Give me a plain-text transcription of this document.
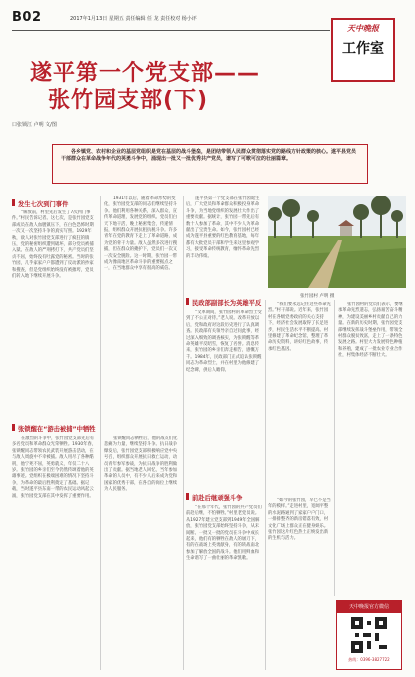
B02	2017年1月13日 星期五 责任编辑 任 龙 责任校对 杨小评
天中晚报
工作室
遂平第一个党支部——
张竹园支部(下)
口张锁江 卢明 文/图

各乡镇党、农村和企业的基层党组织是党在基层的战斗堡垒，是团结带领人民群众贯彻落实党的路线方针政策的核心。遂平县党员干部群众在革命战争年代的英勇斗争中，涌现出一批又一批优秀共产党员，谱写了可歌可泣的壮丽篇章。

张竹园村 卢明 摄
发生七次到门事件

“解放前，村里先后发生了7次到门事件。”村民告诉记者。这七次，是张竹园党支部成员在敌人血腥镇压下，在白色恐怖时期一次又一次坚持斗争的真实写照。1929年秋，敌人对张竹园党支部进行了疯狂的镇压，党的秘密组织遭到破坏，部分党员被捕入狱。在敌人的严刑拷打下，共产党员们坚贞不屈，始终没有吐露党的秘密。当时的张竹园，几乎家家户户都遭到了反动派的抄家和搜查，但是党组织始终没有被摧垮，党员们转入地下继续开展斗争。

张锁醒在“游击被捕”中牺牲

在激烈的斗争中，张竹园党支部先后有多名党员和革命群众光荣牺牲。1930年春，张锁醒同志带领农民武装开展游击活动，在与敌人周旋中不幸被捕。敌人用尽了各种酷刑，他宁死不屈，英勇就义，年仅二十八岁。张竹园的乡亲们至今仍然传颂着他的英雄事迹。党组织在极端困难的情况下坚持斗争，为革命的最后胜利奠定了基础。据记载，当时遂平县东南一带的农民运动风起云涌，张竹园党支部在其中发挥了重要作用。

1931年以后，随着革命形势的变化，张竹园党支部的同志们继续坚持斗争。他们利用各种关系，深入群众，宣传革命道理，发展党的组织。党员们白天下地干活，晚上秘密集会，传递情报，组织群众开展抗租抗税斗争。许多青年在党的教育下走上了革命道路，成为党的骨干力量。敌人虽然多次进行搜捕，但在群众的掩护下，党员们一次又一次安全脱险。这一时期，张竹园一带成为豫南地区革命斗争的重要据点之一，在当地群众中享有很高的威信。

张锁醒同志牺牲后，他的战友们化悲痛为力量，继续坚持斗争。抗日战争爆发后，张竹园党支部积极响应党中央号召，组织群众开展抗日救亡运动，动员青年参军参战，为抗日战争的胜利做出了贡献。据当地老人回忆，当年参加革命的人员中，有不少人后来成为党和国家的优秀干部，在各自的岗位上继续为人民服务。

民政部副部长为英雄平反

遂平县第一个党支部在张竹园诞生后，广大党员和革命群众积极投身革命斗争，为当地党组织的发展壮大作出了重要贡献。据统计，张竹园一带先后有数十人参加了革命，其中不少人为革命献出了宝贵生命。如今，张竹园村已经成为遂平县重要的红色教育基地，每年都有大批党员干部和学生来这里参观学习，接受革命传统教育，缅怀革命先烈的丰功伟绩。

“文革期间，张竹园村的革命烈士受到了不公正对待。”老人说。改革开放以后，党和政府对这段历史进行了认真调查。民政部有关领导亲自过问此事，经过深入细致的调查核实，为张锁醒等革命英雄平反昭雪，恢复了名誉。消息传来，张竹园的乡亲们奔走相告，感慨万千。1984年，民政部门正式追认张锁醒同志为革命烈士，并在村里为他修建了纪念碑，供后人瞻仰。

前赴后继顽强斗争

“在那个年代，张竹园的共产党员们前赴后继，不怕牺牲。”村里老党员说。从1927年建立党支部到1949年全国解放，张竹园党支部始终坚持斗争，从未间断。一批又一批的党员在斗争中成长起来，他们有的牺牲在敌人的屠刀下，有的在战场上英勇献身，有的转战南北参加了解放全国的战斗。他们用鲜血和生命谱写了一曲壮丽的革命凯歌。

“我们要永远记住这些革命先烈。”村干部说。近年来，张竹园村在各级党委政府的关心支持下，经济社会发展取得了长足进步，村民生活水平不断提高。村里修建了革命纪念馆，整理了革命历史资料，讲好红色故事，传承红色基因。

“如今的张竹园，早已不是当年的模样。”走进村里，宽阔平整的水泥路通到了家家户户门口，一排排整齐的新房错落有致，村文化广场上群众正在健身娱乐。张竹园这片红色热土正焕发出新的生机与活力。

张竹园村的党员们表示，要继承革命先烈遗志，弘扬艰苦奋斗精神，为建设美丽乡村贡献自己的力量。在新的历史时期，张竹园党支部继续发挥战斗堡垒作用，带领全村群众脱贫致富，走上了一条特色发展之路。村里大力发展特色种植和养殖，建成了一批农业专业合作社，村集体经济不断壮大。

天中晚报官方微信
热线：0396-3827722
